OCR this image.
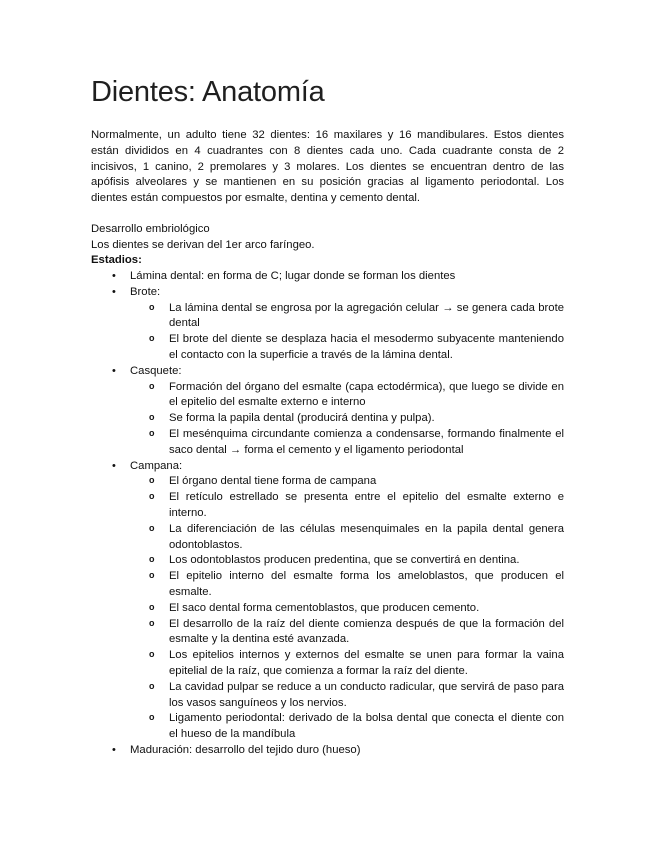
Dientes: Anatomía

Normalmente, un adulto tiene 32 dientes: 16 maxilares y 16 mandibulares. Estos dientes están divididos en 4 cuadrantes con 8 dientes cada uno. Cada cuadrante consta de 2 incisivos, 1 canino, 2 premolares y 3 molares. Los dientes se encuentran dentro de las apófisis alveolares y se mantienen en su posición gracias al ligamento periodontal. Los dientes están compuestos por esmalte, dentina y cemento dental.

Desarrollo embriológico

Los dientes se derivan del 1er arco faríngeo.

Estadios:

• Lámina dental: en forma de C; lugar donde se forman los dientes
• Brote:
o La lámina dental se engrosa por la agregación celular → se genera cada brote dental
o El brote del diente se desplaza hacia el mesodermo subyacente manteniendo el contacto con la superficie a través de la lámina dental.
• Casquete:
o Formación del órgano del esmalte (capa ectodérmica), que luego se divide en el epitelio del esmalte externo e interno
o Se forma la papila dental (producirá dentina y pulpa).
o El mesénquima circundante comienza a condensarse, formando finalmente el saco dental → forma el cemento y el ligamento periodontal
• Campana:
o El órgano dental tiene forma de campana
o El retículo estrellado se presenta entre el epitelio del esmalte externo e interno.
o La diferenciación de las células mesenquimales en la papila dental genera odontoblastos.
o Los odontoblastos producen predentina, que se convertirá en dentina.
o El epitelio interno del esmalte forma los ameloblastos, que producen el esmalte.
o El saco dental forma cementoblastos, que producen cemento.
o El desarrollo de la raíz del diente comienza después de que la formación del esmalte y la dentina esté avanzada.
o Los epitelios internos y externos del esmalte se unen para formar la vaina epitelial de la raíz, que comienza a formar la raíz del diente.
o La cavidad pulpar se reduce a un conducto radicular, que servirá de paso para los vasos sanguíneos y los nervios.
o Ligamento periodontal: derivado de la bolsa dental que conecta el diente con el hueso de la mandíbula
• Maduración: desarrollo del tejido duro (hueso)
